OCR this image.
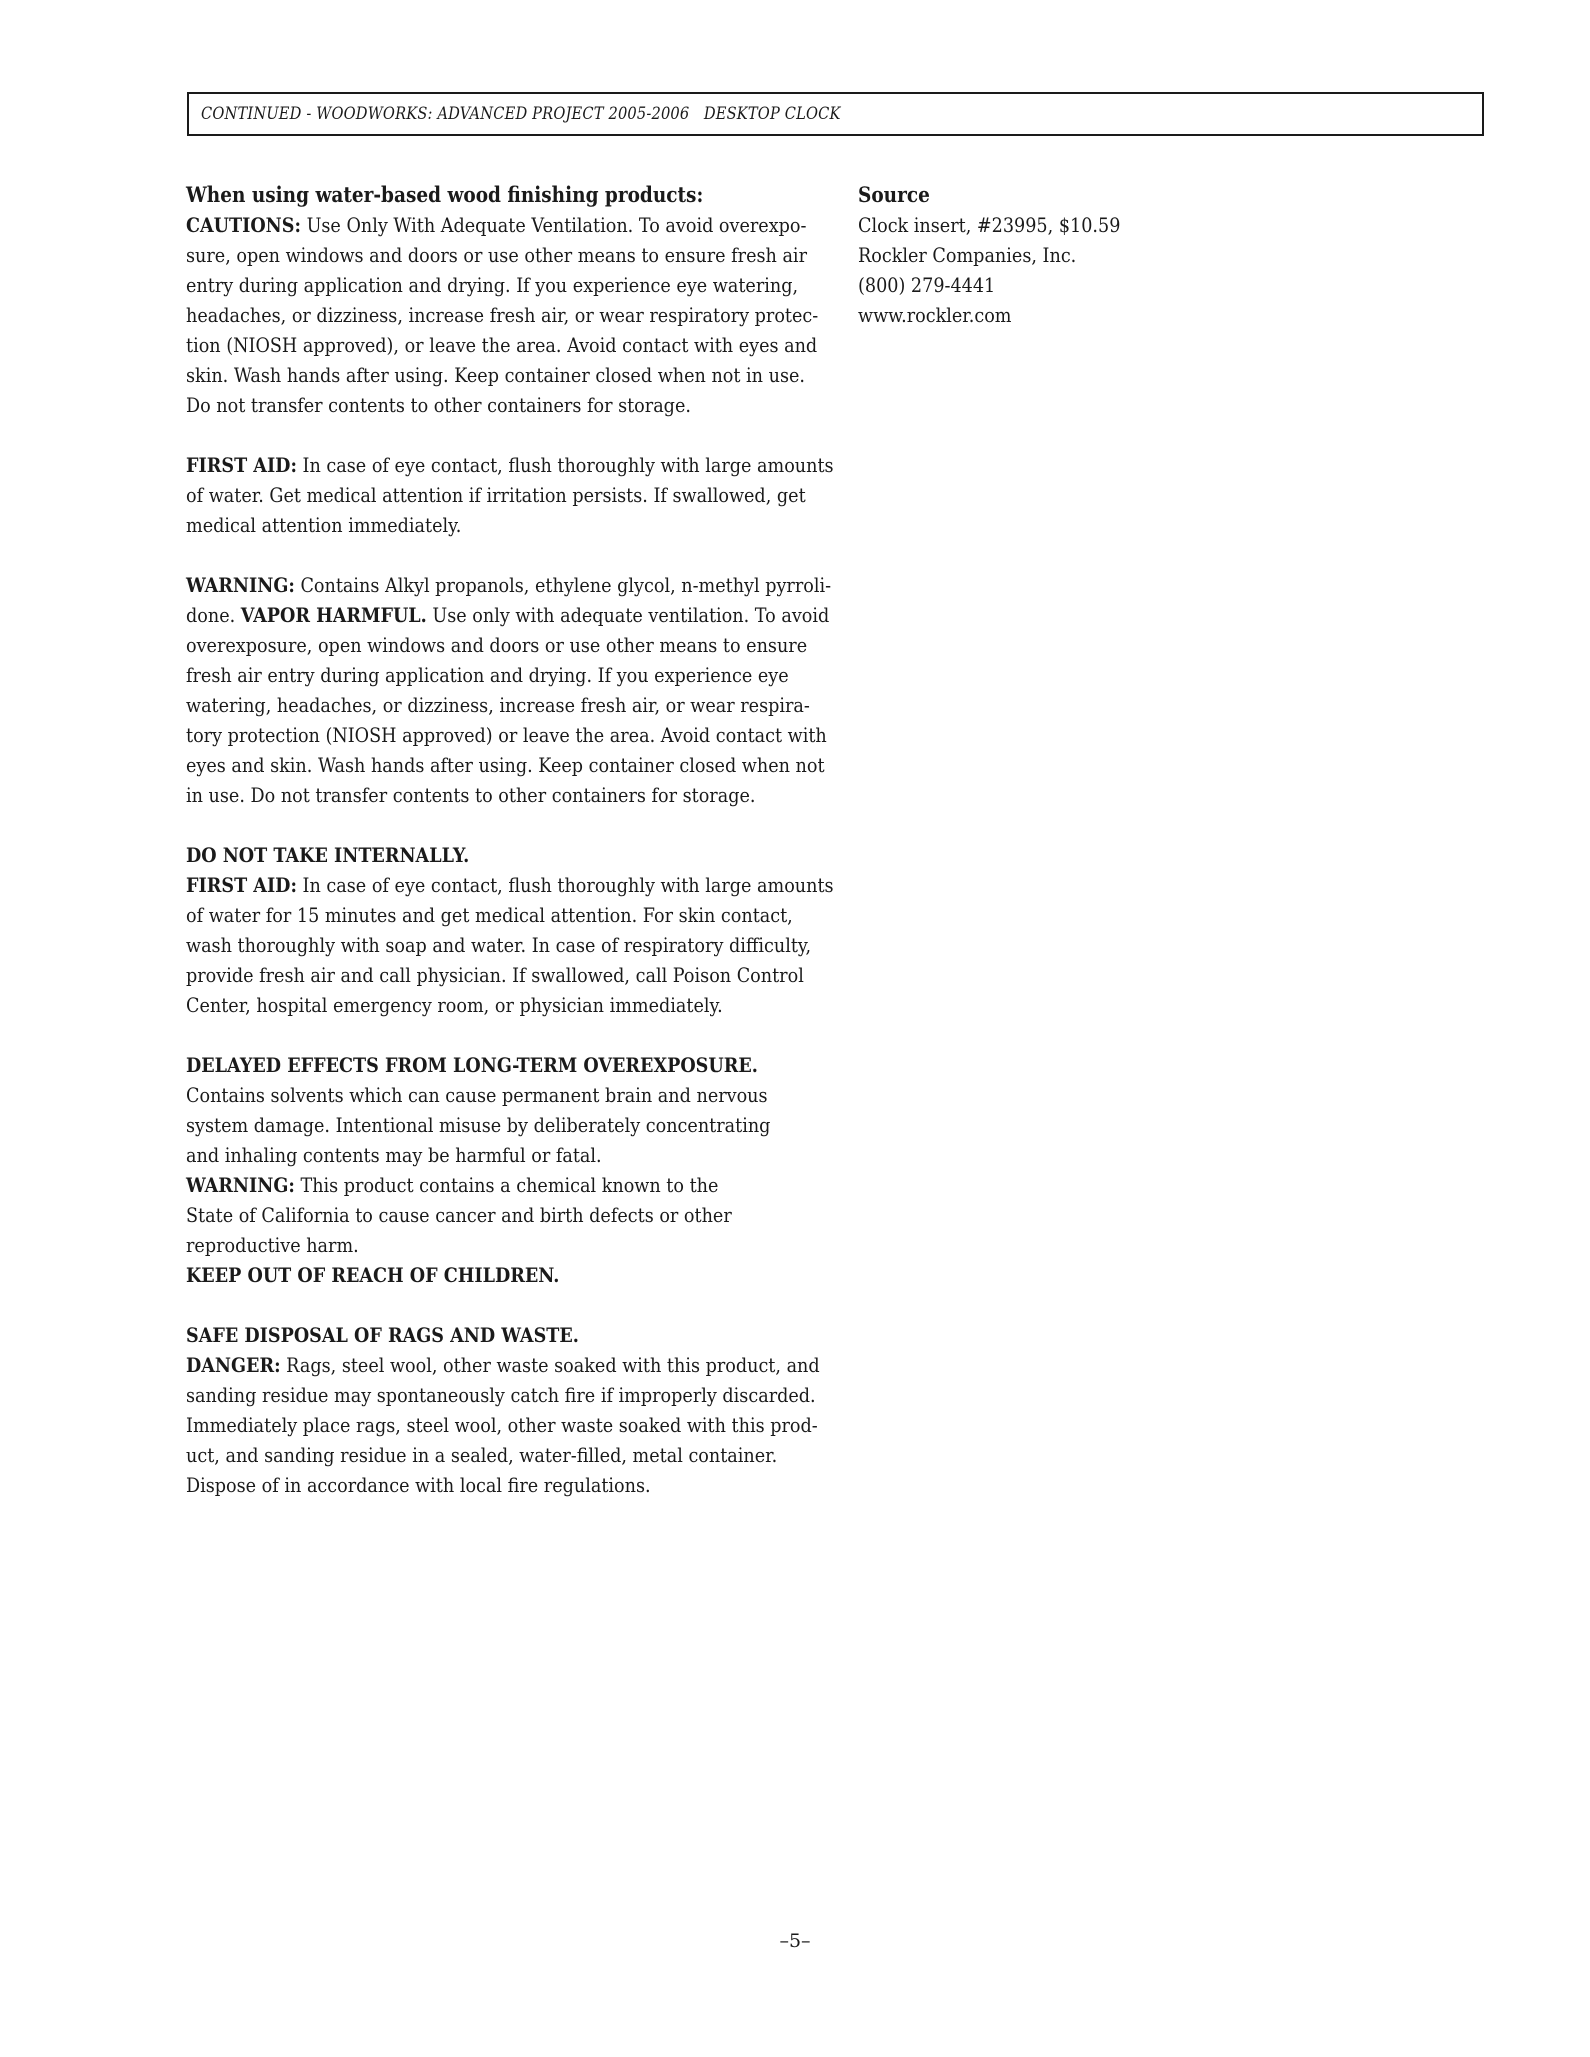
CONTINUED - WOODWORKS: ADVANCED PROJECT 2005-2006   DESKTOP CLOCK
When using water-based wood finishing products:
CAUTIONS: Use Only With Adequate Ventilation. To avoid overexpo-
sure, open windows and doors or use other means to ensure fresh air
entry during application and drying. If you experience eye watering,
headaches, or dizziness, increase fresh air, or wear respiratory protec-
tion (NIOSH approved), or leave the area. Avoid contact with eyes and
skin. Wash hands after using. Keep container closed when not in use.
Do not transfer contents to other containers for storage.
FIRST AID: In case of eye contact, flush thoroughly with large amounts
of water. Get medical attention if irritation persists. If swallowed, get
medical attention immediately.
WARNING: Contains Alkyl propanols, ethylene glycol, n-methyl pyrroli-
done. VAPOR HARMFUL. Use only with adequate ventilation. To avoid
overexposure, open windows and doors or use other means to ensure
fresh air entry during application and drying. If you experience eye
watering, headaches, or dizziness, increase fresh air, or wear respira-
tory protection (NIOSH approved) or leave the area. Avoid contact with
eyes and skin. Wash hands after using. Keep container closed when not
in use. Do not transfer contents to other containers for storage.
DO NOT TAKE INTERNALLY.
FIRST AID: In case of eye contact, flush thoroughly with large amounts
of water for 15 minutes and get medical attention. For skin contact,
wash thoroughly with soap and water. In case of respiratory difficulty,
provide fresh air and call physician. If swallowed, call Poison Control
Center, hospital emergency room, or physician immediately.
DELAYED EFFECTS FROM LONG-TERM OVEREXPOSURE.
Contains solvents which can cause permanent brain and nervous
system damage. Intentional misuse by deliberately concentrating
and inhaling contents may be harmful or fatal.
WARNING: This product contains a chemical known to the
State of California to cause cancer and birth defects or other
reproductive harm.
KEEP OUT OF REACH OF CHILDREN.
SAFE DISPOSAL OF RAGS AND WASTE.
DANGER: Rags, steel wool, other waste soaked with this product, and
sanding residue may spontaneously catch fire if improperly discarded.
Immediately place rags, steel wool, other waste soaked with this prod-
uct, and sanding residue in a sealed, water-filled, metal container.
Dispose of in accordance with local fire regulations.
Source
Clock insert, #23995, $10.59
Rockler Companies, Inc.
(800) 279-4441
www.rockler.com
–5–
